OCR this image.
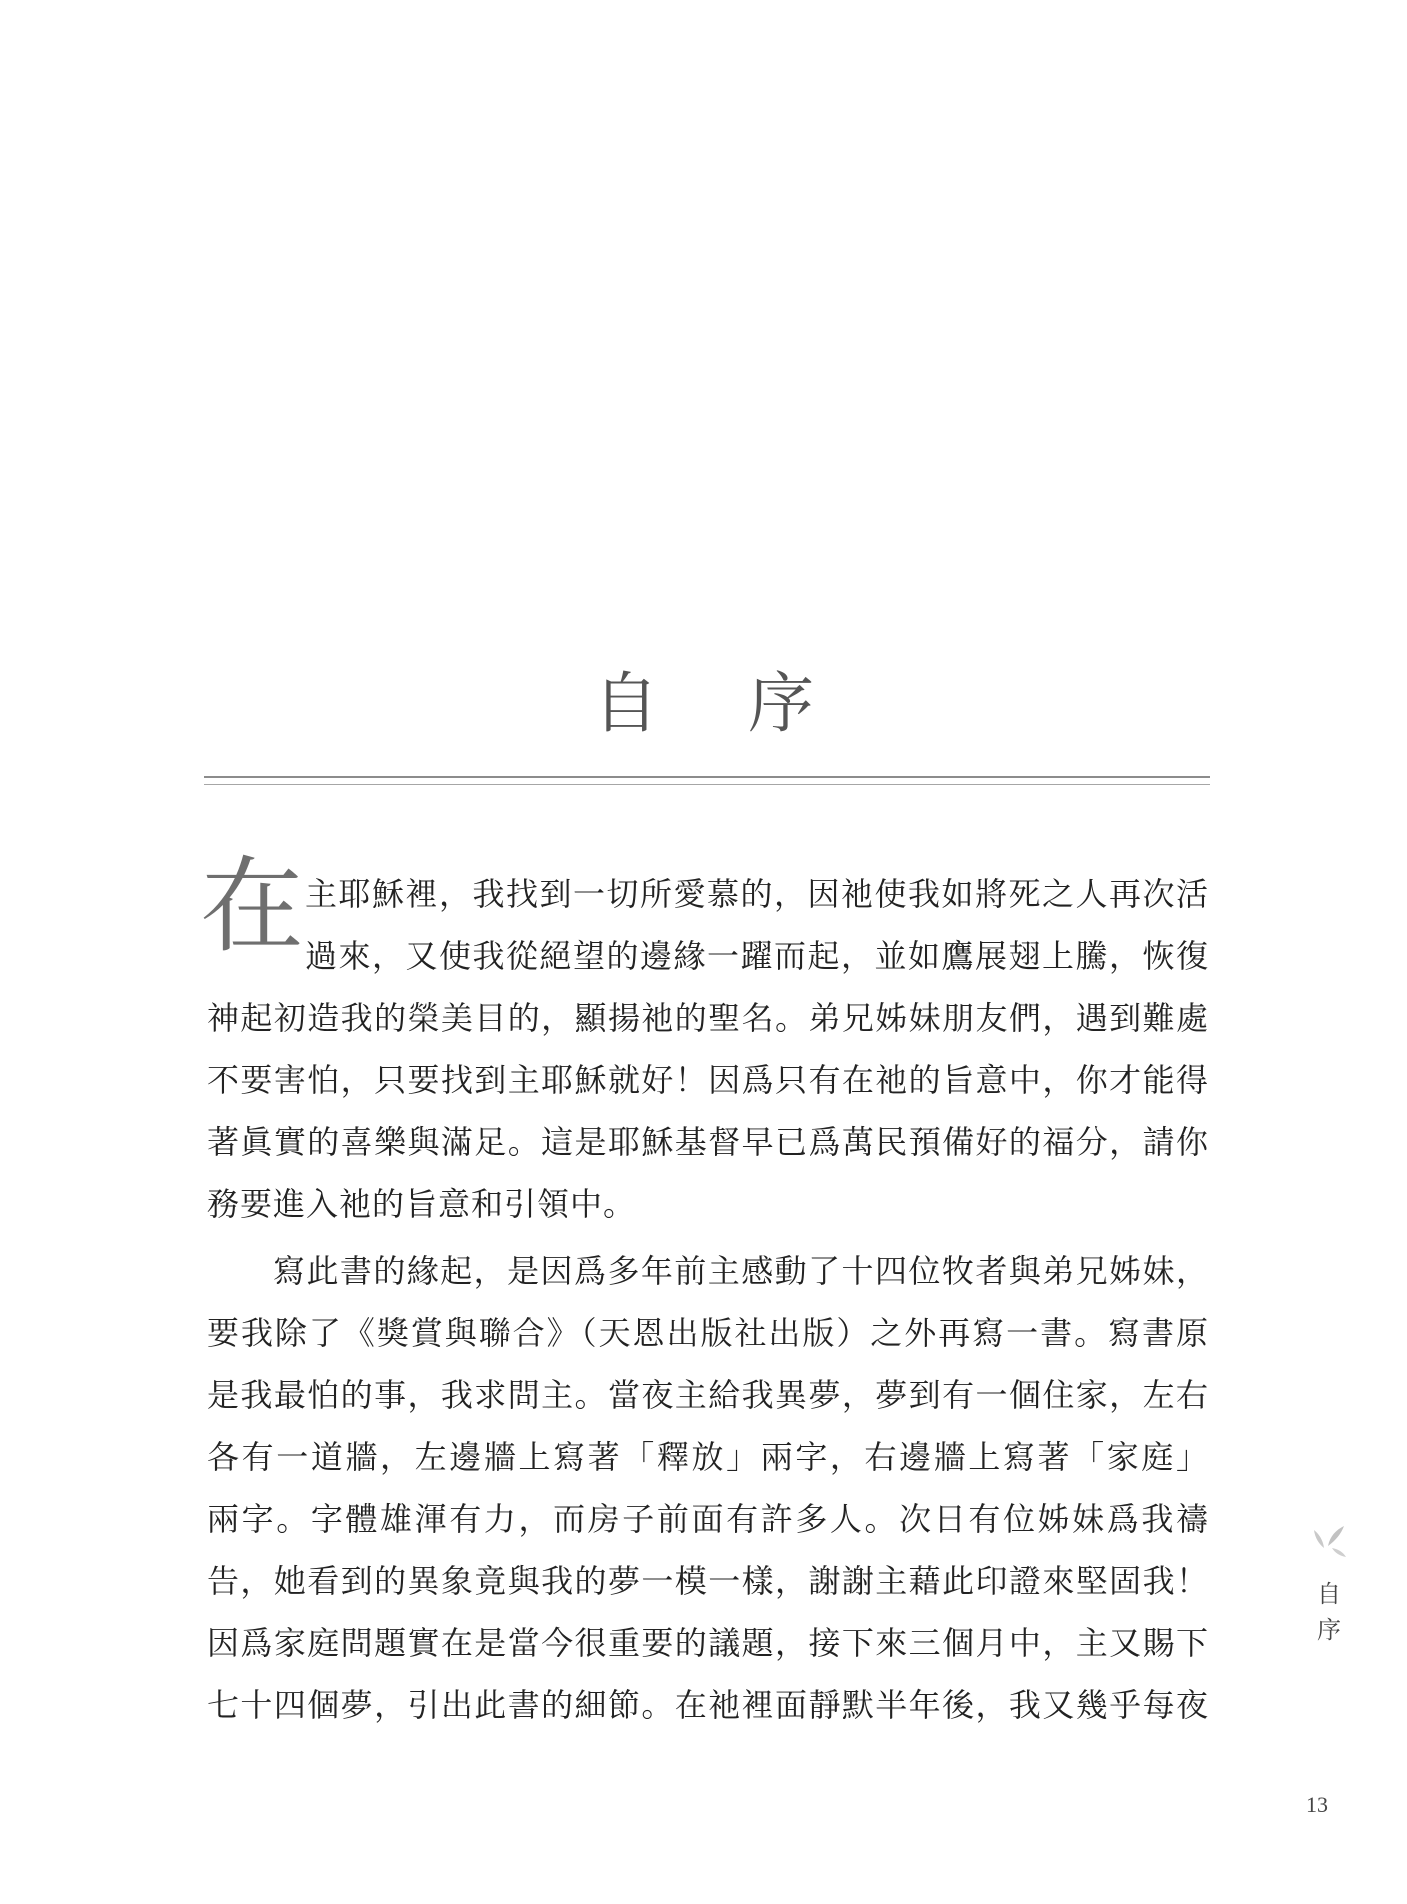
自 序
在 主耶穌裡，我找到一切所愛慕的，因祂使我如將死之人再次活
過來，又使我從絕望的邊緣一躍而起，並如鷹展翅上騰，恢復
神起初造我的榮美目的，顯揚祂的聖名。弟兄姊妹朋友們，遇到難處
不要害怕，只要找到主耶穌就好！因爲只有在祂的旨意中，你才能得
著眞實的喜樂與滿足。這是耶穌基督早已爲萬民預備好的福分，請你
務要進入祂的旨意和引領中。
寫此書的緣起，是因爲多年前主感動了十四位牧者與弟兄姊妹，
要我除了《獎賞與聯合》（天恩出版社出版）之外再寫一書。寫書原
是我最怕的事，我求問主。當夜主給我異夢，夢到有一個住家，左右
各有一道牆，左邊牆上寫著「釋放」兩字，右邊牆上寫著「家庭」
兩字。字體雄渾有力，而房子前面有許多人。次日有位姊妹爲我禱
告，她看到的異象竟與我的夢一模一樣，謝謝主藉此印證來堅固我！
因爲家庭問題實在是當今很重要的議題，接下來三個月中，主又賜下
七十四個夢，引出此書的細節。在祂裡面靜默半年後，我又幾乎每夜
自
序
13
